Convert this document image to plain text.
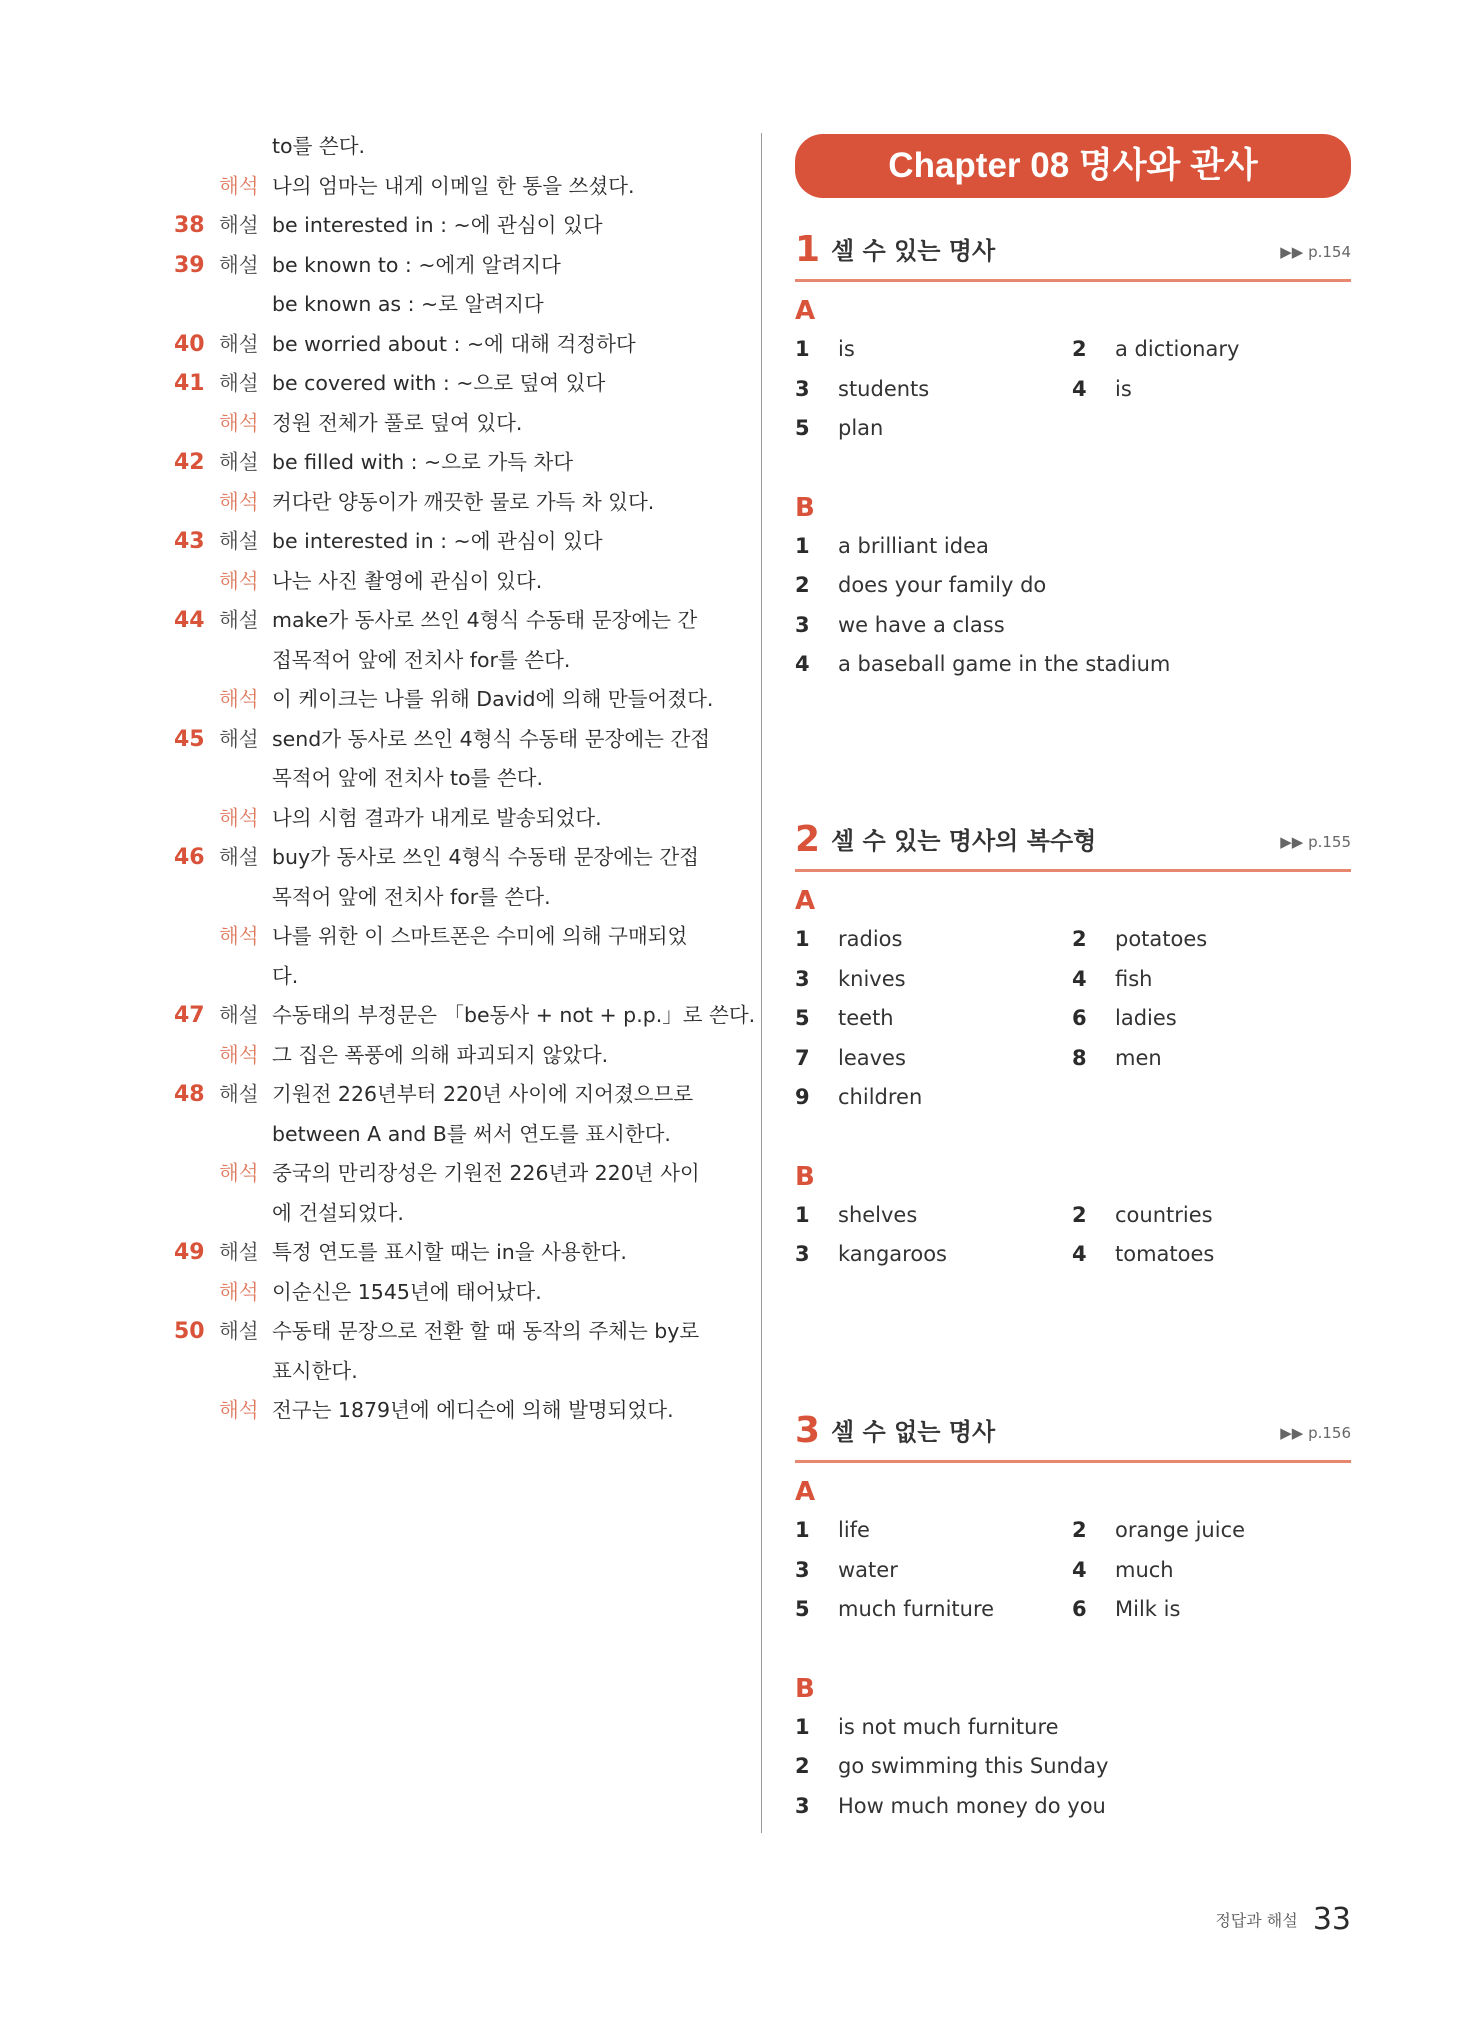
to를 쓴다.
해석 나의 엄마는 내게 이메일 한 통을 쓰셨다.
38 해설 be interested in : ~에 관심이 있다
39 해설 be known to : ~에게 알려지다
be known as : ~로 알려지다
40 해설 be worried about : ~에 대해 걱정하다
41 해설 be covered with : ~으로 덮여 있다
해석 정원 전체가 풀로 덮여 있다.
42 해설 be filled with : ~으로 가득 차다
해석 커다란 양동이가 깨끗한 물로 가득 차 있다.
43 해설 be interested in : ~에 관심이 있다
해석 나는 사진 촬영에 관심이 있다.
44 해설 make가 동사로 쓰인 4형식 수동태 문장에는 간
접목적어 앞에 전치사 for를 쓴다.
해석 이 케이크는 나를 위해 David에 의해 만들어졌다.
45 해설 send가 동사로 쓰인 4형식 수동태 문장에는 간접
목적어 앞에 전치사 to를 쓴다.
해석 나의 시험 결과가 내게로 발송되었다.
46 해설 buy가 동사로 쓰인 4형식 수동태 문장에는 간접
목적어 앞에 전치사 for를 쓴다.
해석 나를 위한 이 스마트폰은 수미에 의해 구매되었
다.
47 해설 수동태의 부정문은 「be동사 + not + p.p.」로 쓴다.
해석 그 집은 폭풍에 의해 파괴되지 않았다.
48 해설 기원전 226년부터 220년 사이에 지어졌으므로
between A and B를 써서 연도를 표시한다.
해석 중국의 만리장성은 기원전 226년과 220년 사이
에 건설되었다.
49 해설 특정 연도를 표시할 때는 in을 사용한다.
해석 이순신은 1545년에 태어났다.
50 해설 수동태 문장으로 전환 할 때 동작의 주체는 by로
표시한다.
해석 전구는 1879년에 에디슨에 의해 발명되었다.
Chapter 08 명사와 관사
1 셀 수 있는 명사	▶▶ p.154
A
1 is	2 a dictionary
3 students	4 is
5 plan
B
1 a brilliant idea
2 does your family do
3 we have a class
4 a baseball game in the stadium
2 셀 수 있는 명사의 복수형	▶▶ p.155
A
1 radios	2 potatoes
3 knives	4 fish
5 teeth	6 ladies
7 leaves	8 men
9 children
B
1 shelves	2 countries
3 kangaroos	4 tomatoes
3 셀 수 없는 명사	▶▶ p.156
A
1 life	2 orange juice
3 water	4 much
5 much furniture	6 Milk is
B
1 is not much furniture
2 go swimming this Sunday
3 How much money do you
정답과 해설 33
